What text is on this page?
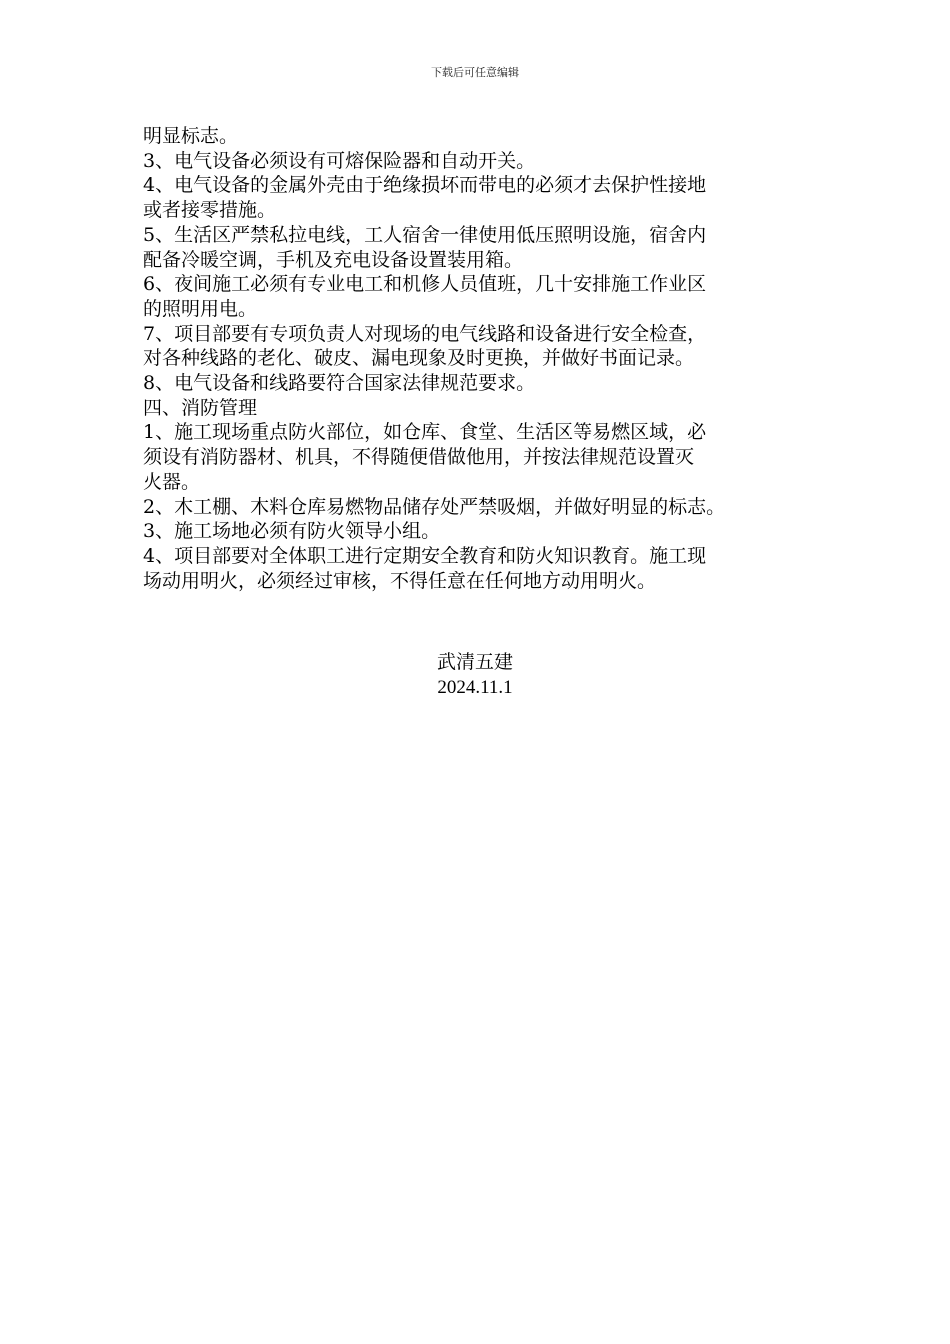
下载后可任意编辑

明显标志。

3、电气设备必须设有可熔保险器和自动开关。

4、电气设备的金属外壳由于绝缘损坏而带电的必须才去保护性接地

或者接零措施。

5、生活区严禁私拉电线，工人宿舍一律使用低压照明设施，宿舍内

配备冷暖空调，手机及充电设备设置装用箱。

6、夜间施工必须有专业电工和机修人员值班，几十安排施工作业区

的照明用电。

7、项目部要有专项负责人对现场的电气线路和设备进行安全检查，

对各种线路的老化、破皮、漏电现象及时更换，并做好书面记录。

8、电气设备和线路要符合国家法律规范要求。

四、消防管理

1、施工现场重点防火部位，如仓库、食堂、生活区等易燃区域，必

须设有消防器材、机具，不得随便借做他用，并按法律规范设置灭

火器。

2、木工棚、木料仓库易燃物品储存处严禁吸烟，并做好明显的标志。

3、施工场地必须有防火领导小组。

4、项目部要对全体职工进行定期安全教育和防火知识教育。施工现

场动用明火，必须经过审核，不得任意在任何地方动用明火。

武清五建
2024.11.1
